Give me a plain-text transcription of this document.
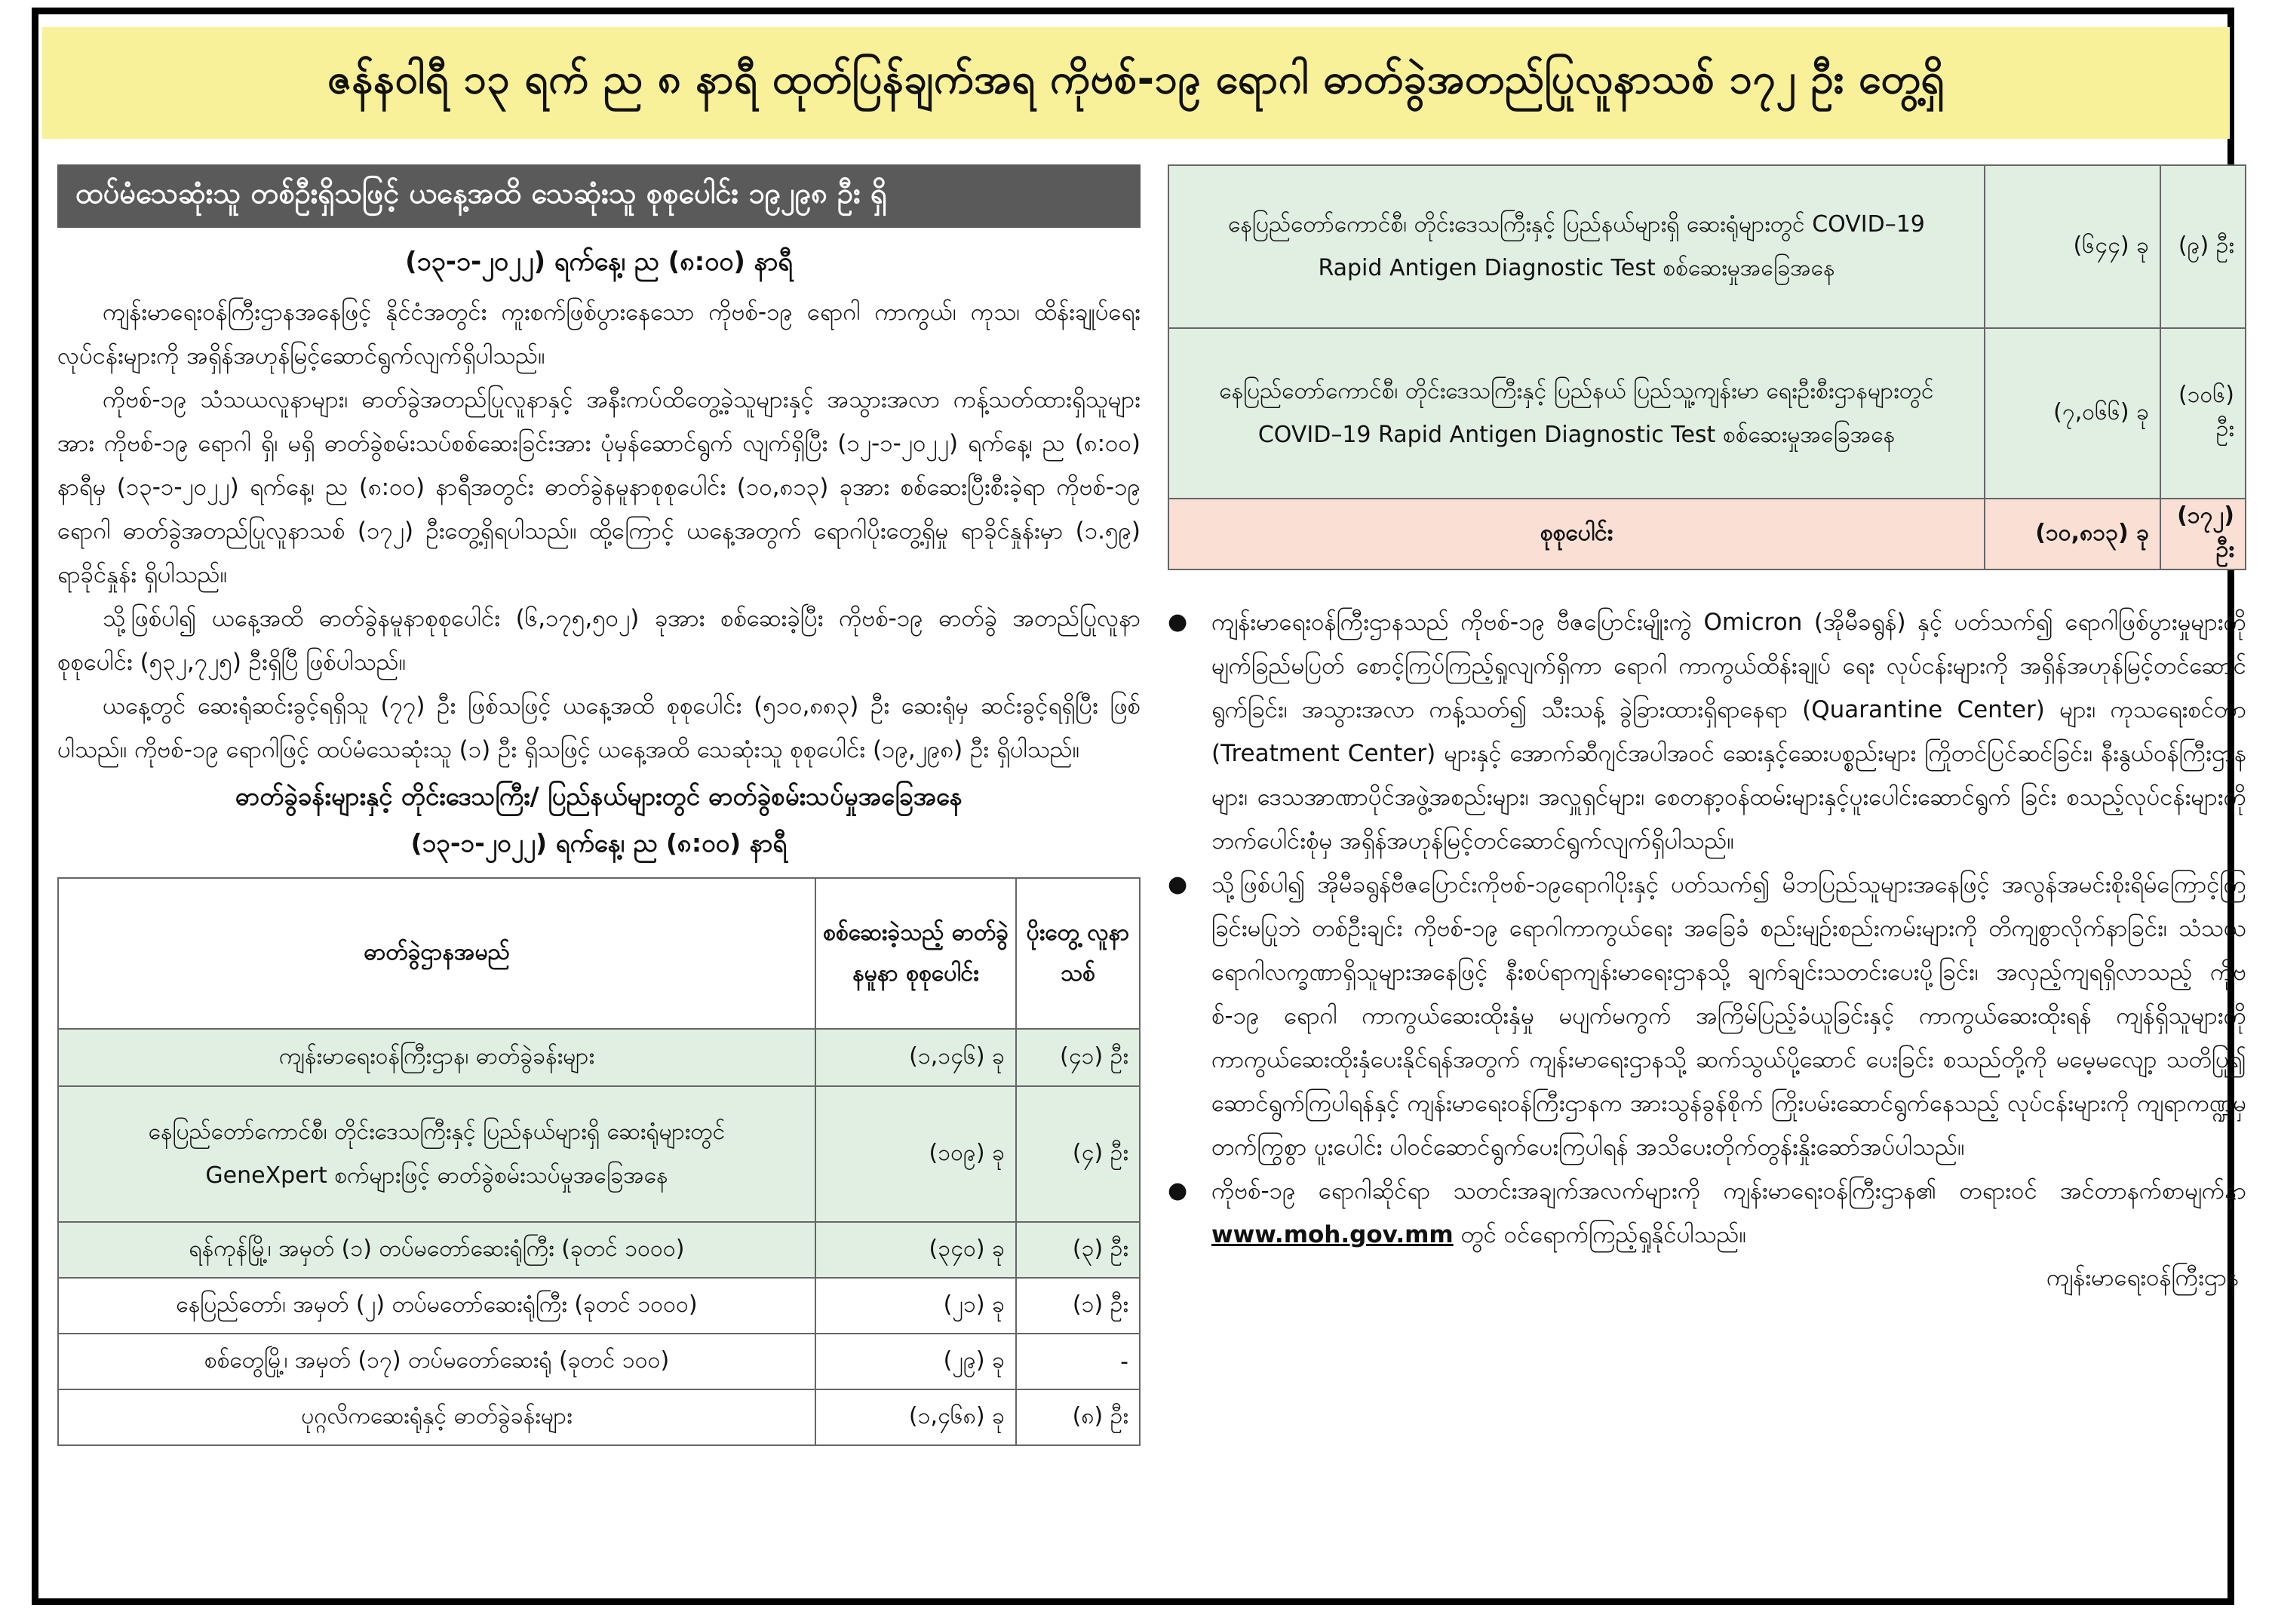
ဇန်နဝါရီ ၁၃ ရက် ည ၈ နာရီ ထုတ်ပြန်ချက်အရ ကိုဗစ်-၁၉ ရောဂါ ဓာတ်ခွဲအတည်ပြုလူနာသစ် ၁၇၂ ဦး တွေ့ရှိ
ထပ်မံသေဆုံးသူ တစ်ဦးရှိသဖြင့် ယနေ့အထိ သေဆုံးသူ စုစုပေါင်း ၁၉၂၉၈ ဦး ရှိ
(၁၃-၁-၂၀၂၂) ရက်နေ့၊ ည (၈:၀၀) နာရီ

ကျန်းမာရေးဝန်ကြီးဌာနအနေဖြင့် နိုင်ငံအတွင်း ကူးစက်ဖြစ်ပွားနေသော ကိုဗစ်-၁၉ ရောဂါ ကာကွယ်၊ ကုသ၊ ထိန်းချုပ်ရေးလုပ်ငန်းများကို အရှိန်အဟုန်မြင့်ဆောင်ရွက်လျက်ရှိပါသည်။

ကိုဗစ်-၁၉ သံသယလူနာများ၊ ဓာတ်ခွဲအတည်ပြုလူနာနှင့် အနီးကပ်ထိတွေ့ခဲ့သူများနှင့် အသွားအလာ ကန့်သတ်ထားရှိသူများအား ကိုဗစ်-၁၉ ရောဂါ ရှိ၊ မရှိ ဓာတ်ခွဲစမ်းသပ်စစ်ဆေးခြင်းအား ပုံမှန်ဆောင်ရွက် လျက်ရှိပြီး (၁၂-၁-၂၀၂၂) ရက်နေ့၊ ည (၈:၀၀) နာရီမှ (၁၃-၁-၂၀၂၂) ရက်နေ့၊ ည (၈:၀၀) နာရီအတွင်း ဓာတ်ခွဲနမူနာစုစုပေါင်း (၁၀,၈၁၃) ခုအား စစ်ဆေးပြီးစီးခဲ့ရာ ကိုဗစ်-၁၉ ရောဂါ ဓာတ်ခွဲအတည်ပြုလူနာသစ် (၁၇၂) ဦးတွေ့ရှိရပါသည်။ ထို့ကြောင့် ယနေ့အတွက် ရောဂါပိုးတွေ့ရှိမှု ရာခိုင်နှုန်းမှာ (၁.၅၉) ရာခိုင်နှုန်း ရှိပါသည်။

သို့ဖြစ်ပါ၍ ယနေ့အထိ ဓာတ်ခွဲနမူနာစုစုပေါင်း (၆,၁၇၅,၅၀၂) ခုအား စစ်ဆေးခဲ့ပြီး ကိုဗစ်-၁၉ ဓာတ်ခွဲ အတည်ပြုလူနာ စုစုပေါင်း (၅၃၂,၇၂၅) ဦးရှိပြီ ဖြစ်ပါသည်။

ယနေ့တွင် ဆေးရုံဆင်းခွင့်ရရှိသူ (၇၇) ဦး ဖြစ်သဖြင့် ယနေ့အထိ စုစုပေါင်း (၅၁၀,၈၈၃) ဦး ဆေးရုံမှ ဆင်းခွင့်ရရှိပြီး ဖြစ်ပါသည်။ ကိုဗစ်-၁၉ ရောဂါဖြင့် ထပ်မံသေဆုံးသူ (၁) ဦး ရှိသဖြင့် ယနေ့အထိ သေဆုံးသူ စုစုပေါင်း (၁၉,၂၉၈) ဦး ရှိပါသည်။

ဓာတ်ခွဲခန်းများနှင့် တိုင်းဒေသကြီး/ ပြည်နယ်များတွင် ဓာတ်ခွဲစမ်းသပ်မှုအခြေအနေ
(၁၃-၁-၂၀၂၂) ရက်နေ့၊ ည (၈:၀၀) နာရီ
ဓာတ်ခွဲဌာနအမည်	စစ်ဆေးခဲ့သည့် ဓာတ်ခွဲနမူနာ စုစုပေါင်း	ပိုးတွေ့ လူနာသစ်
ကျန်းမာရေးဝန်ကြီးဌာန၊ ဓာတ်ခွဲခန်းများ	(၁,၁၄၆) ခု	(၄၁) ဦး
နေပြည်တော်ကောင်စီ၊ တိုင်းဒေသကြီးနှင့် ပြည်နယ်များရှိ ဆေးရုံများတွင် GeneXpert စက်များဖြင့် ဓာတ်ခွဲစမ်းသပ်မှုအခြေအနေ	(၁၀၉) ခု	(၄) ဦး
ရန်ကုန်မြို့၊ အမှတ် (၁) တပ်မတော်ဆေးရုံကြီး (ခုတင် ၁၀၀၀)	(၃၄၀) ခု	(၃) ဦး
နေပြည်တော်၊ အမှတ် (၂) တပ်မတော်ဆေးရုံကြီး (ခုတင် ၁၀၀၀)	(၂၁) ခု	(၁) ဦး
စစ်တွေမြို့၊ အမှတ် (၁၇) တပ်မတော်ဆေးရုံ (ခုတင် ၁၀၀)	(၂၉) ခု	-
ပုဂ္ဂလိကဆေးရုံနှင့် ဓာတ်ခွဲခန်းများ	(၁,၄၆၈) ခု	(၈) ဦး
နေပြည်တော်ကောင်စီ၊ တိုင်းဒေသကြီးနှင့် ပြည်နယ်များရှိ ဆေးရုံများတွင် COVID–19 Rapid Antigen Diagnostic Test စစ်ဆေးမှုအခြေအနေ	(၆၄၄) ခု	(၉) ဦး
နေပြည်တော်ကောင်စီ၊ တိုင်းဒေသကြီးနှင့် ပြည်နယ် ပြည်သူ့ကျန်းမာ ရေးဦးစီးဌာနများတွင် COVID–19 Rapid Antigen Diagnostic Test စစ်ဆေးမှုအခြေအနေ	(၇,၀၆၆) ခု	(၁၀၆) ဦး
စုစုပေါင်း	(၁၀,၈၁၃) ခု	(၁၇၂) ဦး
●	ကျန်းမာရေးဝန်ကြီးဌာနသည် ကိုဗစ်-၁၉ ဗီဇပြောင်းမျိုးကွဲ Omicron (အိုမီခရွန်) နှင့် ပတ်သက်၍ ရောဂါဖြစ်ပွားမှုများကို မျက်ခြည်မပြတ် စောင့်ကြပ်ကြည့်ရှုလျက်ရှိကာ ရောဂါ ကာကွယ်ထိန်းချုပ် ရေး လုပ်ငန်းများကို အရှိန်အဟုန်မြင့်တင်ဆောင်ရွက်ခြင်း၊ အသွားအလာ ကန့်သတ်၍ သီးသန့် ခွဲခြားထားရှိရာနေရာ (Quarantine Center) များ၊ ကုသရေးစင်တာ (Treatment Center) များနှင့် အောက်ဆီဂျင်အပါအဝင် ဆေးနှင့်ဆေးပစ္စည်းများ ကြိုတင်ပြင်ဆင်ခြင်း၊ နီးနွယ်ဝန်ကြီးဌာနများ၊ ဒေသအာဏာပိုင်အဖွဲ့အစည်းများ၊ အလှူရှင်များ၊ စေတနာ့ဝန်ထမ်းများနှင့်ပူးပေါင်းဆောင်ရွက် ခြင်း စသည့်လုပ်ငန်းများကို ဘက်ပေါင်းစုံမှ အရှိန်အဟုန်မြင့်တင်ဆောင်ရွက်လျက်ရှိပါသည်။
●	သို့ဖြစ်ပါ၍ အိုမီခရွန်ဗီဇပြောင်းကိုဗစ်-၁၉ရောဂါပိုးနှင့် ပတ်သက်၍ မိဘပြည်သူများအနေဖြင့် အလွန်အမင်းစိုးရိမ်ကြောင့်ကြခြင်းမပြုဘဲ တစ်ဦးချင်း ကိုဗစ်-၁၉ ရောဂါကာကွယ်ရေး အခြေခံ စည်းမျဉ်းစည်းကမ်းများကို တိကျစွာလိုက်နာခြင်း၊ သံသယရောဂါလက္ခဏာရှိသူများအနေဖြင့် နီးစပ်ရာကျန်းမာရေးဌာနသို့ ချက်ချင်းသတင်းပေးပို့ခြင်း၊ အလှည့်ကျရရှိလာသည့် ကိုဗစ်-၁၉ ရောဂါ ကာကွယ်ဆေးထိုးနှံမှု မပျက်မကွက် အကြိမ်ပြည့်ခံယူခြင်းနှင့် ကာကွယ်ဆေးထိုးရန် ကျန်ရှိသူများကို ကာကွယ်ဆေးထိုးနှံပေးနိုင်ရန်အတွက် ကျန်းမာရေးဌာနသို့ ဆက်သွယ်ပို့ဆောင် ပေးခြင်း စသည်တို့ကို မမေ့မလျော့ သတိပြု၍ ဆောင်ရွက်ကြပါရန်နှင့် ကျန်းမာရေးဝန်ကြီးဌာနက အားသွန်ခွန်စိုက် ကြိုးပမ်းဆောင်ရွက်နေသည့် လုပ်ငန်းများကို ကျရာကဏ္ဍမှ တက်ကြွစွာ ပူးပေါင်း ပါဝင်ဆောင်ရွက်ပေးကြပါရန် အသိပေးတိုက်တွန်းနှိုးဆော်အပ်ပါသည်။
●	ကိုဗစ်-၁၉ ရောဂါဆိုင်ရာ သတင်းအချက်အလက်များကို ကျန်းမာရေးဝန်ကြီးဌာန၏ တရားဝင် အင်တာနက်စာမျက်နှာ www.moh.gov.mm တွင် ဝင်ရောက်ကြည့်ရှုနိုင်ပါသည်။
ကျန်းမာရေးဝန်ကြီးဌာန
